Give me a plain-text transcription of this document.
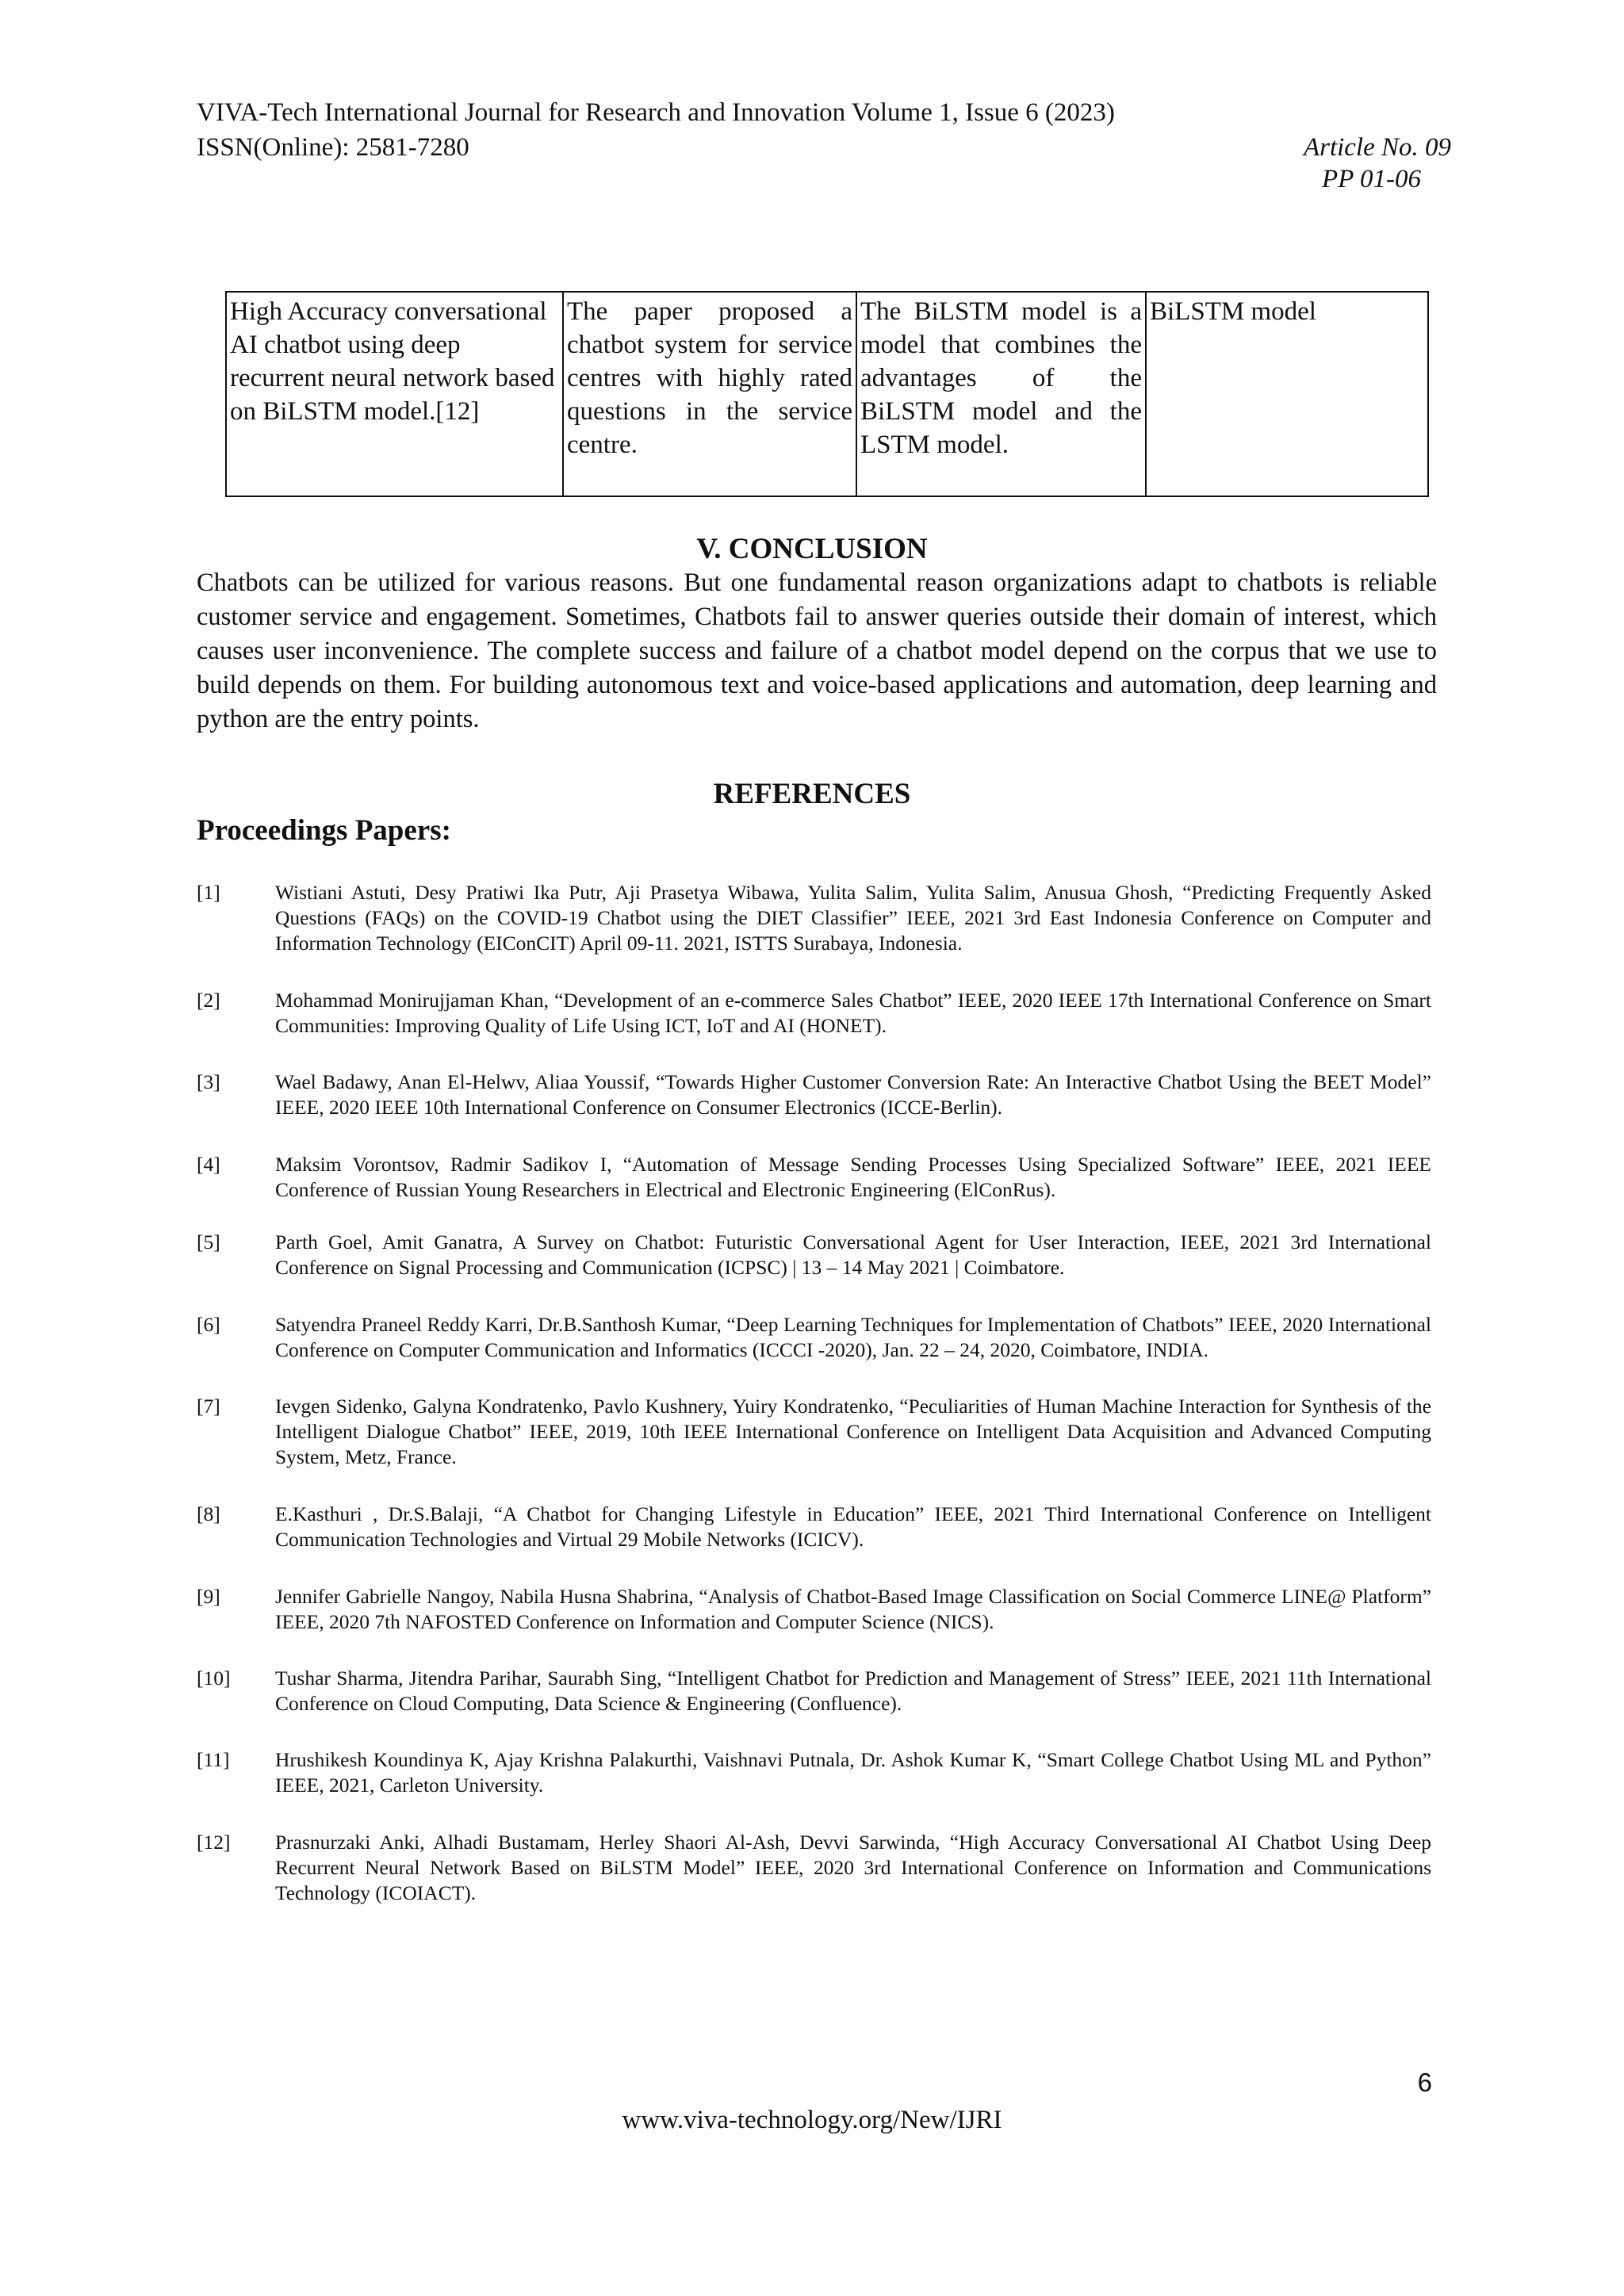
VIVA-Tech International Journal for Research and Innovation Volume 1, Issue 6 (2023)
ISSN(Online): 2581-7280	Article No. 09
PP 01-06
High Accuracy conversational AI chatbot using deep recurrent neural network based on BiLSTM model.[12]	The paper proposed a chatbot system for service centres with highly rated questions in the service centre.	The BiLSTM model is a model that combines the advantages of the BiLSTM model and the LSTM model.	BiLSTM model
V. CONCLUSION
Chatbots can be utilized for various reasons. But one fundamental reason organizations adapt to chatbots is reliable customer service and engagement. Sometimes, Chatbots fail to answer queries outside their domain of interest, which causes user inconvenience. The complete success and failure of a chatbot model depend on the corpus that we use to build depends on them. For building autonomous text and voice-based applications and automation, deep learning and python are the entry points.
REFERENCES
Proceedings Papers:
[1]	Wistiani Astuti, Desy Pratiwi Ika Putr, Aji Prasetya Wibawa, Yulita Salim, Yulita Salim, Anusua Ghosh, “Predicting Frequently Asked Questions (FAQs) on the COVID-19 Chatbot using the DIET Classifier” IEEE, 2021 3rd East Indonesia Conference on Computer and Information Technology (EIConCIT) April 09-11. 2021, ISTTS Surabaya, Indonesia.
[2]	Mohammad Monirujjaman Khan, “Development of an e-commerce Sales Chatbot” IEEE, 2020 IEEE 17th International Conference on Smart Communities: Improving Quality of Life Using ICT, IoT and AI (HONET).
[3]	Wael Badawy, Anan El-Helwv, Aliaa Youssif, “Towards Higher Customer Conversion Rate: An Interactive Chatbot Using the BEET Model” IEEE, 2020 IEEE 10th International Conference on Consumer Electronics (ICCE-Berlin).
[4]	Maksim Vorontsov, Radmir Sadikov I, “Automation of Message Sending Processes Using Specialized Software” IEEE, 2021 IEEE Conference of Russian Young Researchers in Electrical and Electronic Engineering (ElConRus).
[5]	Parth Goel, Amit Ganatra, A Survey on Chatbot: Futuristic Conversational Agent for User Interaction, IEEE, 2021 3rd International Conference on Signal Processing and Communication (ICPSC) | 13 – 14 May 2021 | Coimbatore.
[6]	Satyendra Praneel Reddy Karri, Dr.B.Santhosh Kumar, “Deep Learning Techniques for Implementation of Chatbots” IEEE, 2020 International Conference on Computer Communication and Informatics (ICCCI -2020), Jan. 22 – 24, 2020, Coimbatore, INDIA.
[7]	Ievgen Sidenko, Galyna Kondratenko, Pavlo Kushnery, Yuiry Kondratenko, “Peculiarities of Human Machine Interaction for Synthesis of the Intelligent Dialogue Chatbot” IEEE, 2019, 10th IEEE International Conference on Intelligent Data Acquisition and Advanced Computing System, Metz, France.
[8]	E.Kasthuri , Dr.S.Balaji, “A Chatbot for Changing Lifestyle in Education” IEEE, 2021 Third International Conference on Intelligent Communication Technologies and Virtual 29 Mobile Networks (ICICV).
[9]	Jennifer Gabrielle Nangoy, Nabila Husna Shabrina, “Analysis of Chatbot-Based Image Classification on Social Commerce LINE@ Platform” IEEE, 2020 7th NAFOSTED Conference on Information and Computer Science (NICS).
[10] Tushar Sharma, Jitendra Parihar, Saurabh Sing, “Intelligent Chatbot for Prediction and Management of Stress” IEEE, 2021 11th International Conference on Cloud Computing, Data Science & Engineering (Confluence).
[11] Hrushikesh Koundinya K, Ajay Krishna Palakurthi, Vaishnavi Putnala, Dr. Ashok Kumar K, “Smart College Chatbot Using ML and Python” IEEE, 2021, Carleton University.
[12] Prasnurzaki Anki, Alhadi Bustamam, Herley Shaori Al-Ash, Devvi Sarwinda, “High Accuracy Conversational AI Chatbot Using Deep Recurrent Neural Network Based on BiLSTM Model” IEEE, 2020 3rd International Conference on Information and Communications Technology (ICOIACT).
6
www.viva-technology.org/New/IJRI
